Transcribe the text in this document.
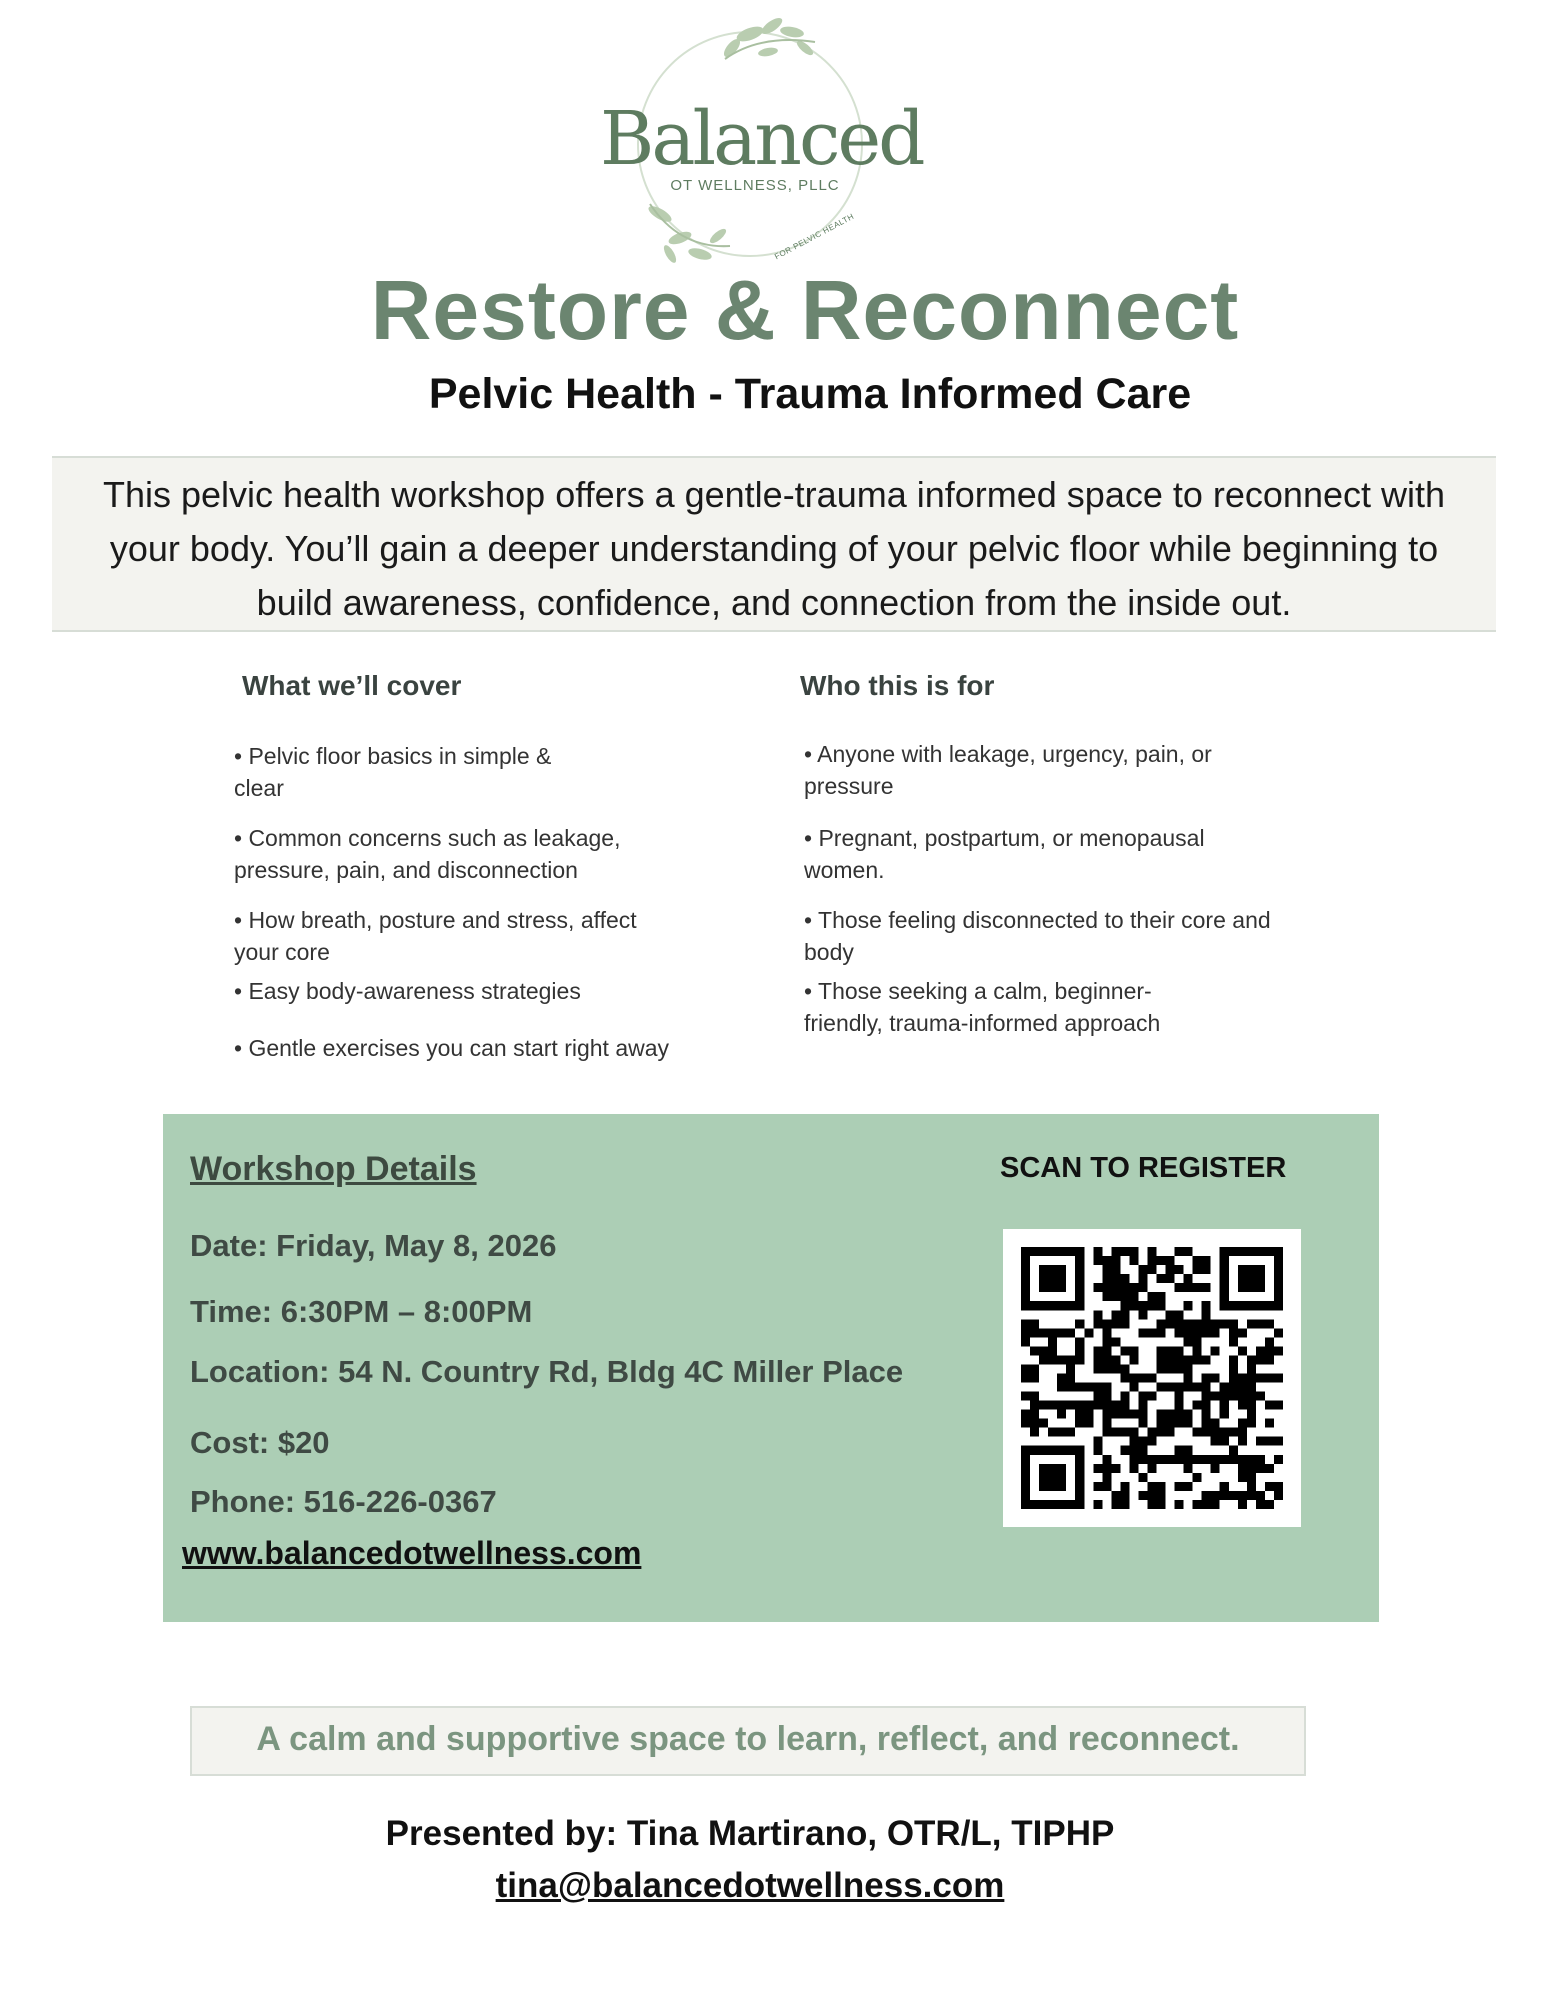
Balanced
OT WELLNESS, PLLC
FOR PELVIC HEALTH
Restore & Reconnect
Pelvic Health - Trauma Informed Care
This pelvic health workshop offers a gentle-trauma informed space to reconnect with
your body. You’ll gain a deeper understanding of your pelvic floor while beginning to
build awareness, confidence, and connection from the inside out.
What we’ll cover
• Pelvic floor basics in simple &
clear
• Common concerns such as leakage,
pressure, pain, and disconnection
• How breath, posture and stress, affect
your core
• Easy body-awareness strategies
• Gentle exercises you can start right away
Who this is for
• Anyone with leakage, urgency, pain, or
pressure
• Pregnant, postpartum, or menopausal
women.
• Those feeling disconnected to their core and
body
• Those seeking a calm, beginner-
friendly, trauma-informed approach
Workshop Details
Date: Friday, May 8, 2026
Time: 6:30PM – 8:00PM
Location: 54 N. Country Rd, Bldg 4C Miller Place
Cost: $20
Phone: 516-226-0367
www.balancedotwellness.com
SCAN TO REGISTER
A calm and supportive space to learn, reflect, and reconnect.
Presented by: Tina Martirano, OTR/L, TIPHP
tina@balancedotwellness.com
